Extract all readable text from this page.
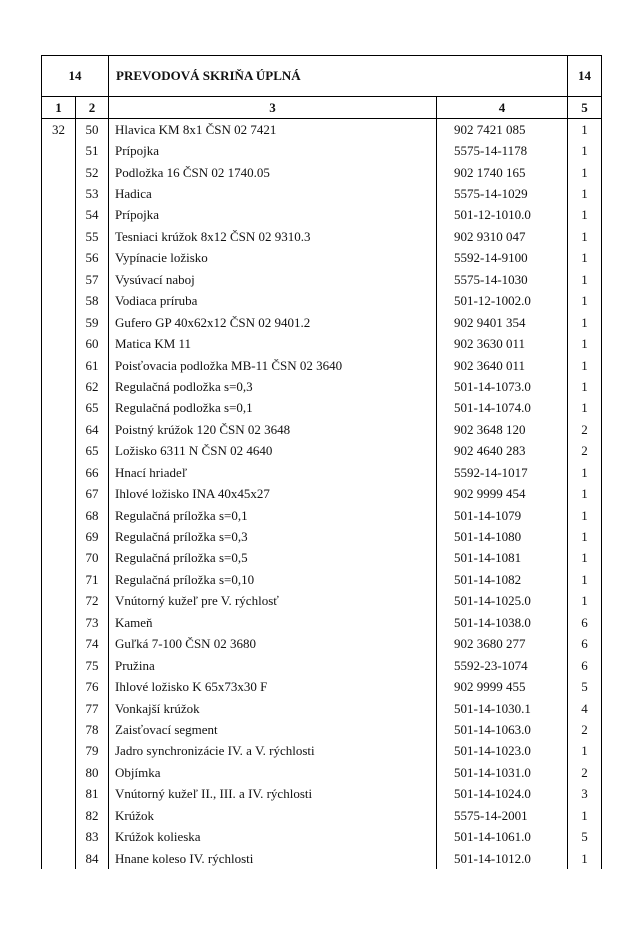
14		PREVODOVÁ SKRIŇA ÚPLNÁ		14
1	2	3	4	5
32	50	Hlavica KM 8x1 ČSN 02 7421	902 7421 085	1
	51	Prípojka	5575-14-1178	1
	52	Podložka 16 ČSN 02 1740.05	902 1740 165	1
	53	Hadica	5575-14-1029	1
	54	Prípojka	501-12-1010.0	1
	55	Tesniaci krúžok 8x12 ČSN 02 9310.3	902 9310 047	1
	56	Vypínacie ložisko	5592-14-9100	1
	57	Vysúvací naboj	5575-14-1030	1
	58	Vodiaca príruba	501-12-1002.0	1
	59	Gufero GP 40x62x12 ČSN 02 9401.2	902 9401 354	1
	60	Matica KM 11	902 3630 011	1
	61	Poisťovacia podložka MB-11 ČSN 02 3640	902 3640 011	1
	62	Regulačná podložka s=0,3	501-14-1073.0	1
	65	Regulačná podložka s=0,1	501-14-1074.0	1
	64	Poistný krúžok 120 ČSN 02 3648	902 3648 120	2
	65	Ložisko 6311 N ČSN 02 4640	902 4640 283	2
	66	Hnací hriadeľ	5592-14-1017	1
	67	Ihlové ložisko INA 40x45x27	902 9999 454	1
	68	Regulačná príložka s=0,1	501-14-1079	1
	69	Regulačná príložka s=0,3	501-14-1080	1
	70	Regulačná príložka s=0,5	501-14-1081	1
	71	Regulačná príložka s=0,10	501-14-1082	1
	72	Vnútorný kužeľ pre V. rýchlosť	501-14-1025.0	1
	73	Kameň	501-14-1038.0	6
	74	Guľká 7-100 ČSN 02 3680	902 3680 277	6
	75	Pružina	5592-23-1074	6
	76	Ihlové ložisko K 65x73x30 F	902 9999 455	5
	77	Vonkajší krúžok	501-14-1030.1	4
	78	Zaisťovací segment	501-14-1063.0	2
	79	Jadro synchronizácie IV. a V. rýchlosti	501-14-1023.0	1
	80	Objímka	501-14-1031.0	2
	81	Vnútorný kužeľ II., III. a IV. rýchlosti	501-14-1024.0	3
	82	Krúžok	5575-14-2001	1
	83	Krúžok kolieska	501-14-1061.0	5
	84	Hnane koleso IV. rýchlosti	501-14-1012.0	1
